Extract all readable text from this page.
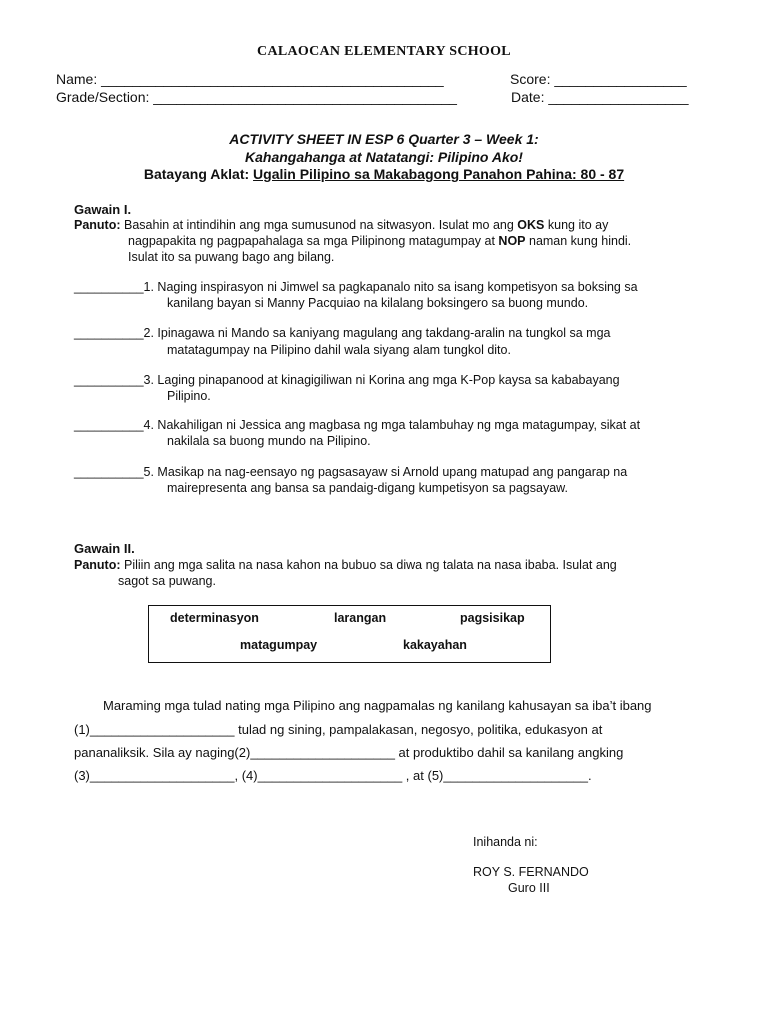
CALAOCAN ELEMENTARY SCHOOL
Name: ____________________________________________	Score: _________________
Grade/Section: _______________________________________	Date: __________________
ACTIVITY SHEET IN ESP 6 Quarter 3 – Week 1:
Kahangahanga at Natatangi: Pilipino Ako!
Batayang Aklat: Ugalin Pilipino sa Makabagong Panahon Pahina: 80 - 87
Gawain I.
Panuto: Basahin at intindihin ang mga sumusunod na sitwasyon. Isulat mo ang OKS kung ito ay
nagpapakita ng pagpapahalaga sa mga Pilipinong matagumpay at NOP naman kung hindi.
Isulat ito sa puwang bago ang bilang.
__________1. Naging inspirasyon ni Jimwel sa pagkapanalo nito sa isang kompetisyon sa boksing sa
kanilang bayan si Manny Pacquiao na kilalang boksingero sa buong mundo.
__________2. Ipinagawa ni Mando sa kaniyang magulang ang takdang-aralin na tungkol sa mga
matatagumpay na Pilipino dahil wala siyang alam tungkol dito.
__________3. Laging pinapanood at kinagigiliwan ni Korina ang mga K-Pop kaysa sa kababayang
Pilipino.
__________4. Nakahiligan ni Jessica ang magbasa ng mga talambuhay ng mga matagumpay, sikat at
nakilala sa buong mundo na Pilipino.
__________5. Masikap na nag-eensayo ng pagsasayaw si Arnold upang matupad ang pangarap na
mairepresenta ang bansa sa pandaig-digang kumpetisyon sa pagsayaw.
Gawain II.
Panuto: Piliin ang mga salita na nasa kahon na bubuo sa diwa ng talata na nasa ibaba. Isulat ang
sagot sa puwang.
determinasyon	larangan	pagsisikap
matagumpay	kakayahan
Maraming mga tulad nating mga Pilipino ang nagpamalas ng kanilang kahusayan sa iba’t ibang
(1)____________________ tulad ng sining, pampalakasan, negosyo, politika, edukasyon at
pananaliksik. Sila ay naging(2)____________________ at produktibo dahil sa kanilang angking
(3)____________________, (4)____________________ , at (5)____________________.
Inihanda ni:
ROY S. FERNANDO
Guro III
